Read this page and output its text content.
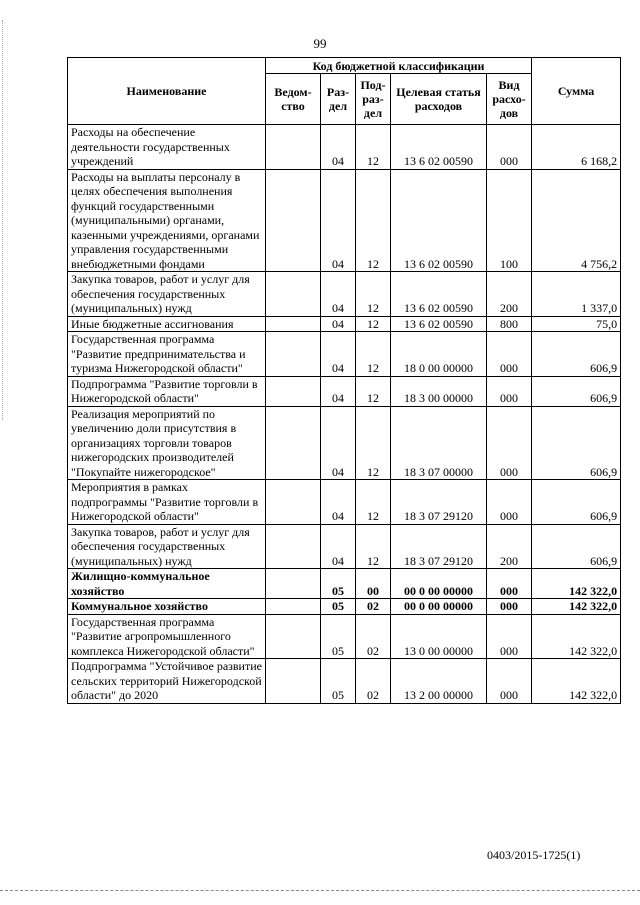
99
Наименование	Код бюджетной классификации					Сумма
	Ведом-ство	Раз-дел	Под-раз-дел	Целевая статья расходов	Вид расхо-дов	
Расходы на обеспечение деятельности государственных учреждений		04	12	13 6 02 00590	000	6 168,2
Расходы на выплаты персоналу в целях обеспечения выполнения функций государственными (муниципальными) органами, казенными учреждениями, органами управления государственными внебюджетными фондами		04	12	13 6 02 00590	100	4 756,2
Закупка товаров, работ и услуг для обеспечения государственных (муниципальных) нужд		04	12	13 6 02 00590	200	1 337,0
Иные бюджетные ассигнования		04	12	13 6 02 00590	800	75,0
Государственная программа "Развитие предпринимательства и туризма Нижегородской области"		04	12	18 0 00 00000	000	606,9
Подпрограмма "Развитие торговли в Нижегородской области"		04	12	18 3 00 00000	000	606,9
Реализация мероприятий по увеличению доли присутствия в организациях торговли товаров нижегородских производителей "Покупайте нижегородское"		04	12	18 3 07 00000	000	606,9
Мероприятия в рамках подпрограммы "Развитие торговли в Нижегородской области"		04	12	18 3 07 29120	000	606,9
Закупка товаров, работ и услуг для обеспечения государственных (муниципальных) нужд		04	12	18 3 07 29120	200	606,9
Жилищно-коммунальное хозяйство		05	00	00 0 00 00000	000	142 322,0
Коммунальное хозяйство		05	02	00 0 00 00000	000	142 322,0
Государственная программа "Развитие агропромышленного комплекса Нижегородской области"		05	02	13 0 00 00000	000	142 322,0
Подпрограмма "Устойчивое развитие сельских территорий Нижегородской области" до 2020		05	02	13 2 00 00000	000	142 322,0
0403/2015-1725(1)
